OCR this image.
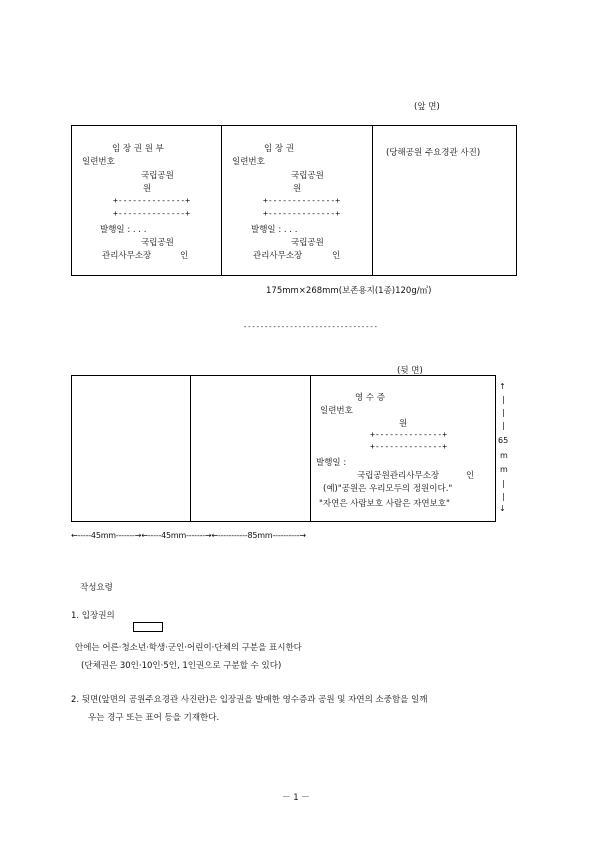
(앞 면)
임 장 권 원 부
일련번호
국립공원
원
+--------------+
+--------------+
발행일 : . . .
국립공원
관리사무소장	인
임 장 권
일련번호
국립공원
원
+--------------+
+--------------+
발행일 : . . .
국립공원
관리사무소장	인
(당해공원 주요경관 사진)
175mm×268mm(보존용지(1종)120g/㎡)
--------------------------------
(뒷 면)
영 수 증
일련번호
원
+--------------+
+--------------+
발행일 :
국립공원관리사무소장	인
(예)"공원은 우리모두의 정원이다."
"자연은 사람보호 사람은 자연보호"
↑
|
|
|
65
m
m
|
|
↓
←-----45mm-------→←-----45mm-------→←-----------85mm----------→
작성요령
1. 입장권의
안에는 어른·청소년·학생·군인·어린이·단체의 구분을 표시한다
(단체권은 30인·10인·5인, 1인권으로 구분할 수 있다)
2. 뒷면(앞면의 공원주요경관 사진란)은 입장권을 발매한 영수증과 공원 및 자연의 소중함을 일깨
우는 경구 또는 표어 등을 기재한다.
－ 1 －
